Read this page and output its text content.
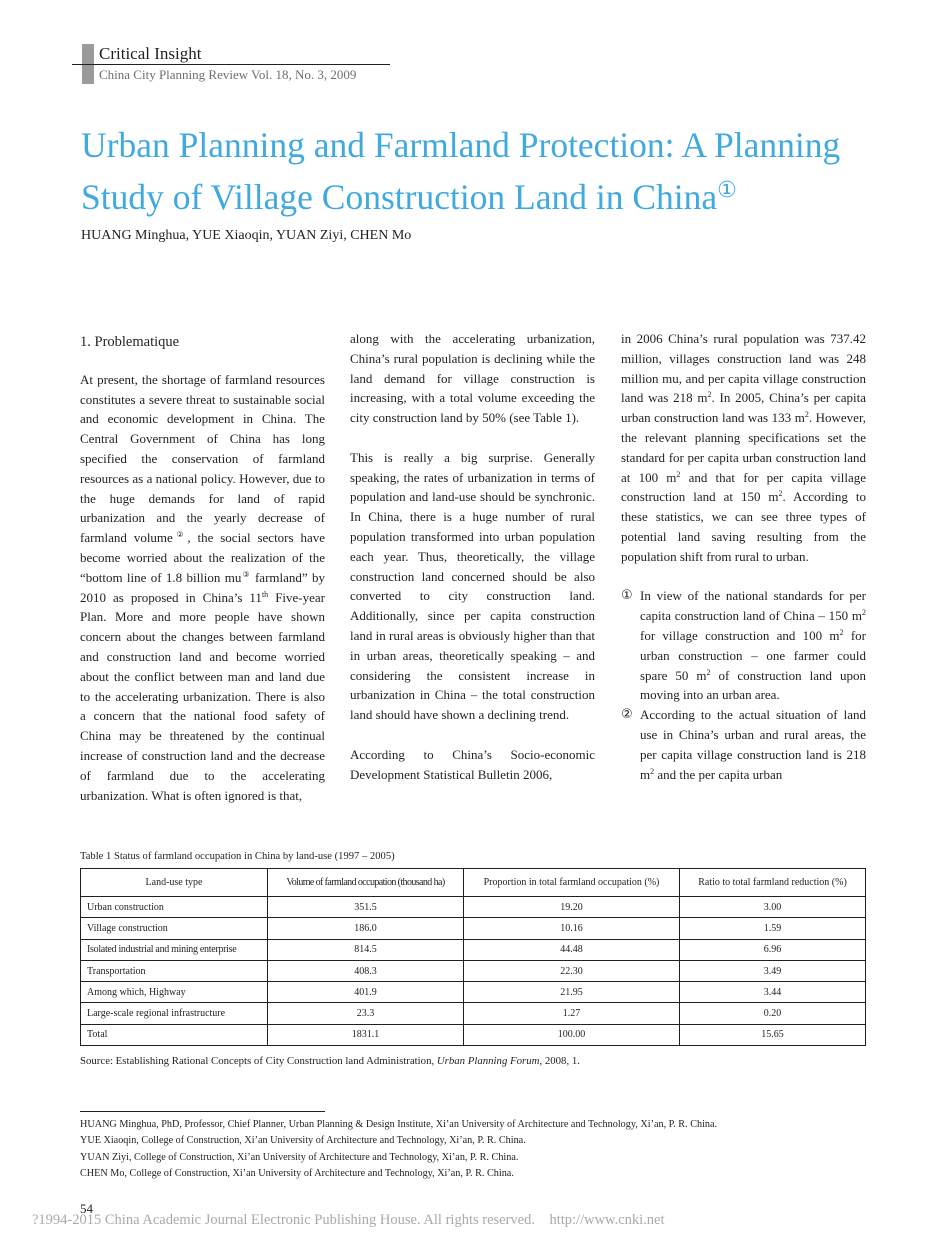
Critical Insight
China City Planning Review Vol. 18, No. 3, 2009
Urban Planning and Farmland Protection: A Planning Study of Village Construction Land in China①
HUANG Minghua, YUE Xiaoqin, YUAN Ziyi, CHEN Mo
1. Problematique

At present, the shortage of farmland resources constitutes a severe threat to sustainable social and economic development in China. The Central Government of China has long specified the conservation of farmland resources as a national policy. However, due to the huge demands for land of rapid urbanization and the yearly decrease of farmland volume②, the social sectors have become worried about the realization of the “bottom line of 1.8 billion mu③ farmland” by 2010 as proposed in China’s 11th Five-year Plan. More and more people have shown concern about the changes between farmland and construction land and become worried about the conflict between man and land due to the accelerating urbanization. There is also a concern that the national food safety of China may be threatened by the continual increase of construction land and the decrease of farmland due to the accelerating urbanization. What is often ignored is that,

along with the accelerating urbanization, China’s rural population is declining while the land demand for village construction is increasing, with a total volume exceeding the city construction land by 50% (see Table 1).

This is really a big surprise. Generally speaking, the rates of urbanization in terms of population and land-use should be synchronic. In China, there is a huge number of rural population transformed into urban population each year. Thus, theoretically, the village construction land concerned should be also converted to city construction land. Additionally, since per capita construction land in rural areas is obviously higher than that in urban areas, theoretically speaking – and considering the consistent increase in urbanization in China – the total construction land should have shown a declining trend.

According to China’s Socio-economic Development Statistical Bulletin 2006,

in 2006 China’s rural population was 737.42 million, villages construction land was 248 million mu, and per capita village construction land was 218 $m^2$. In 2005, China’s per capita urban construction land was 133 $m^2$. However, the relevant planning specifications set the standard for per capita urban construction land at 100 $m^2$ and that for per capita village construction land at 150 $m^2$. According to these statistics, we can see three types of potential land saving resulting from the population shift from rural to urban.

① In view of the national standards for per capita construction land of China – 150 $m^2$ for village construction and 100 $m^2$ for urban construction – one farmer could spare 50 $m^2$ of construction land upon moving into an urban area.

② According to the actual situation of land use in China’s urban and rural areas, the per capita village construction land is 218 $m^2$ and the per capita urban

Table 1 Status of farmland occupation in China by land-use (1997 – 2005)
Land-use type	Volume of farmland occupation (thousand ha)	Proportion in total farmland occupation (%)	Ratio to total farmland reduction (%)
Urban construction	351.5	19.20	3.00
Village construction	186.0	10.16	1.59
Isolated industrial and mining enterprise	814.5	44.48	6.96
Transportation	408.3	22.30	3.49
Among which, Highway	401.9	21.95	3.44
Large-scale regional infrastructure	23.3	1.27	0.20
Total	1831.1	100.00	15.65
Source: Establishing Rational Concepts of City Construction land Administration, Urban Planning Forum, 2008, 1.
HUANG Minghua, PhD, Professor, Chief Planner, Urban Planning & Design Institute, Xi’an University of Architecture and Technology, Xi’an, P. R. China.
YUE Xiaoqin, College of Construction, Xi’an University of Architecture and Technology, Xi’an, P. R. China.
YUAN Ziyi, College of Construction, Xi’an University of Architecture and Technology, Xi’an, P. R. China.
CHEN Mo, College of Construction, Xi’an University of Architecture and Technology, Xi’an, P. R. China.
54
?1994-2015 China Academic Journal Electronic Publishing House. All rights reserved.    http://www.cnki.net
